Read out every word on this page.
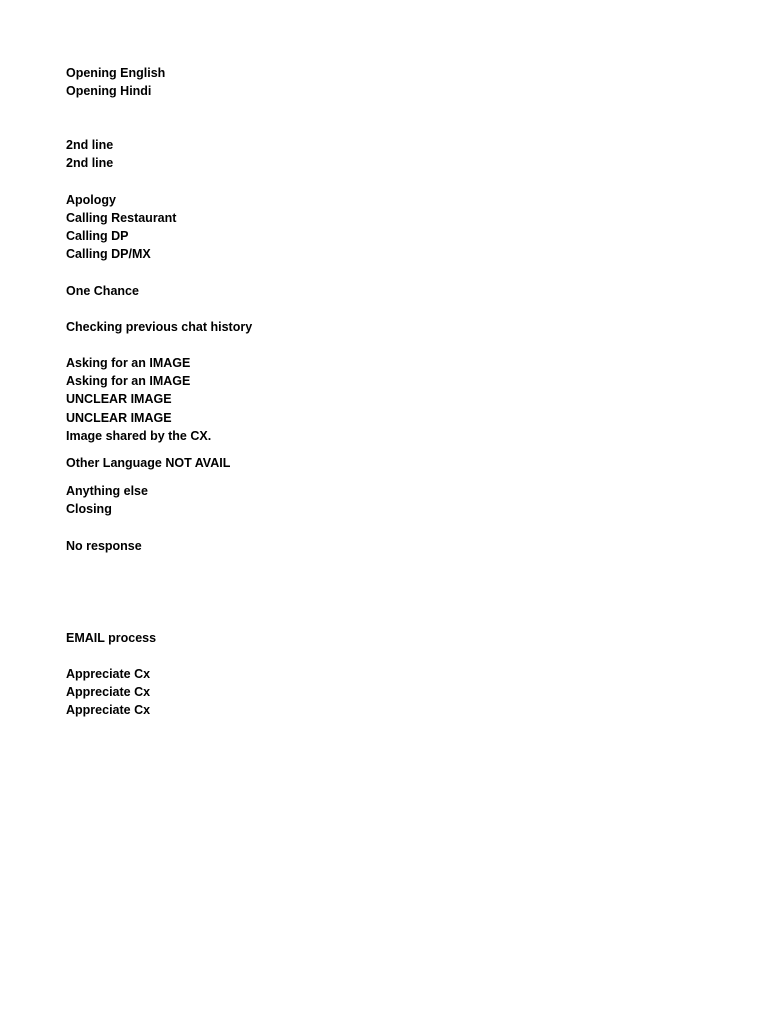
Opening English

Opening Hindi

2nd line

2nd line

Apology

Calling Restaurant

Calling DP

Calling DP/MX

One Chance

Checking previous chat history

Asking for an IMAGE

Asking for an IMAGE

UNCLEAR IMAGE

UNCLEAR IMAGE

Image shared by the CX.

Other Language NOT AVAIL

Anything else

Closing

No response

EMAIL process

Appreciate Cx

Appreciate Cx

Appreciate Cx
